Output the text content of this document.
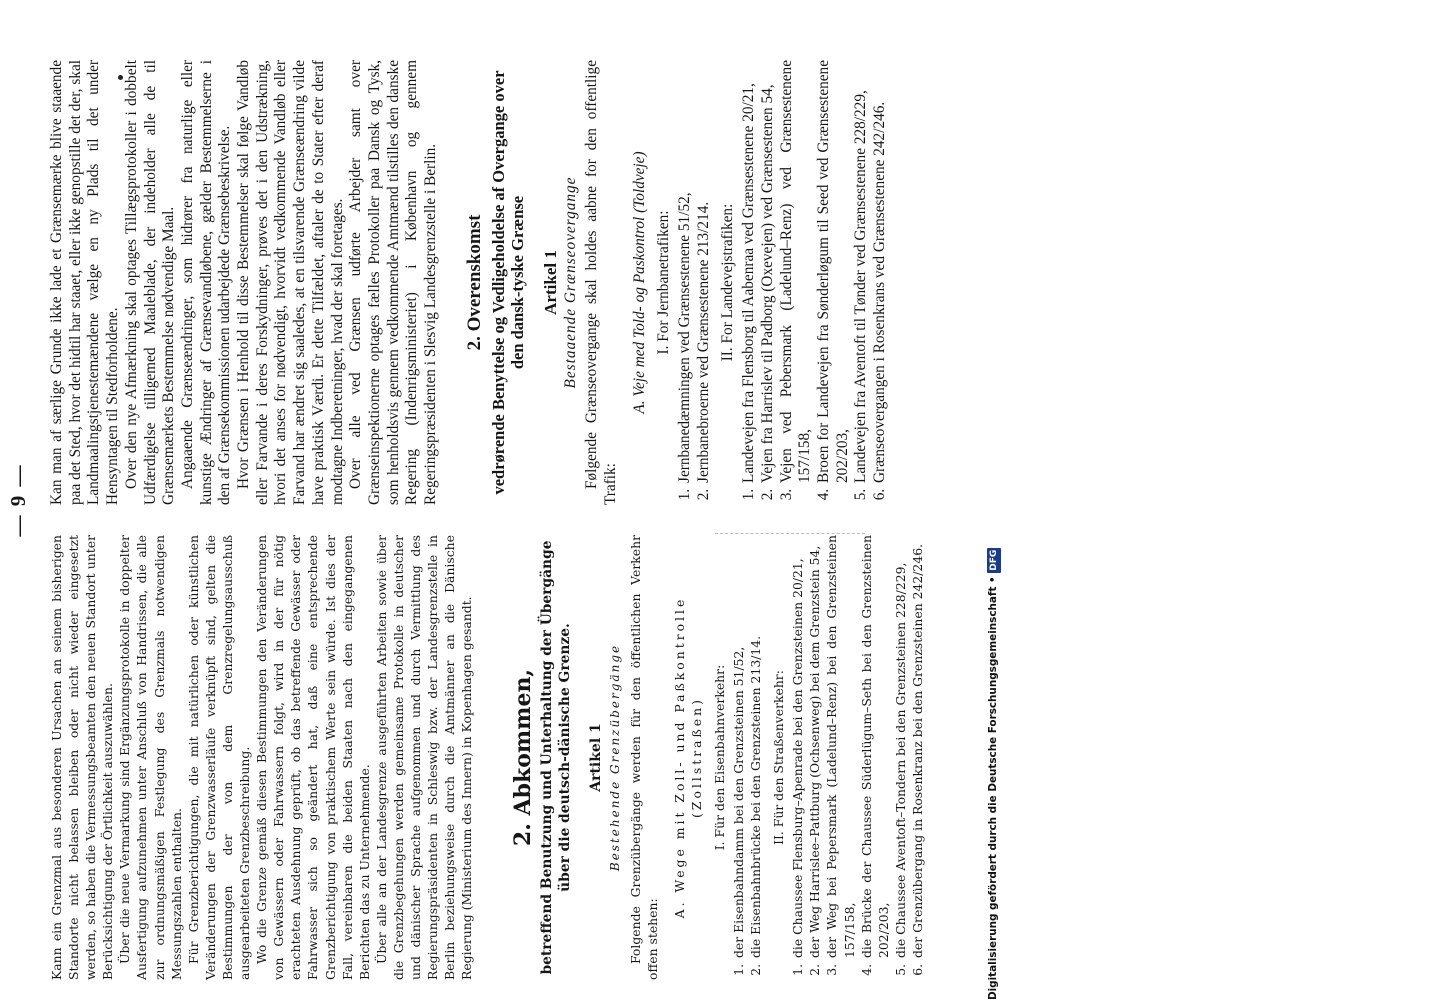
— 9 —

Kann ein Grenzmal aus besonderen Ursachen an seinem bisherigen Standorte nicht belassen bleiben oder nicht wieder eingesetzt werden, so haben die Vermessungsbeamten den neuen Standort unter Berücksichtigung der Örtlichkeit auszuwählen. Über die neue Vermarkung sind Ergänzungsprotokolle in doppelter Ausfertigung aufzunehmen unter Anschluß von Handrissen, die alle zur ordnungsmäßigen Festlegung des Grenzmals notwendigen Messungszahlen enthalten. Für Grenzberichtigungen, die mit natürlichen oder künstlichen Veränderungen der Grenzwasserläufe verknüpft sind, gelten die Bestimmungen der von dem Grenzregelungsausschuß ausgearbeiteten Grenzbeschreibung. Wo die Grenze gemäß diesen Bestimmungen den Veränderungen von Gewässern oder Fahrwassern folgt, wird in der für nötig erachteten Ausdehnung geprüft, ob das betreffende Gewässer oder Fahrwasser sich so geändert hat, daß eine entsprechende Grenzberichtigung von praktischem Werte sein würde. Ist dies der Fall, vereinbaren die beiden Staaten nach den eingegangenen Berichten das zu Unternehmende. Über alle an der Landesgrenze ausgeführten Arbeiten sowie über die Grenzbegehungen werden gemeinsame Protokolle in deutscher und dänischer Sprache aufgenommen und durch Vermittlung des Regierungspräsidenten in Schleswig bzw. der Landesgrenzstelle in Berlin beziehungsweise durch die Amtmänner an die Dänische Regierung (Ministerium des Innern) in Kopenhagen gesandt. 2. Abkommen, betreffend Benutzung und Unterhaltung der Übergänge über die deutsch-dänische Grenze. Artikel 1 Bestehende Grenzübergänge Folgende Grenzübergänge werden für den öffentlichen Verkehr offen stehen:

A. Wege mit Zoll- und Paßkontrolle (Zollstraßen) I. Für den Eisenbahnverkehr: 1. der Eisenbahndamm bei den Grenzsteinen 51/52, 2. die Eisenbahnbrücke bei den Grenzsteinen 213/14. II. Für den Straßenverkehr: 1. die Chaussee Flensburg–Apenrade bei den Grenzsteinen 20/21, 2. der Weg Harrislee–Pattburg (Ochsenweg) bei dem Grenzstein 54, 3. der Weg bei Pepersmark (Ladelund–Renz) bei den Grenzsteinen 157/158, 4. die Brücke der Chaussee Süderlügum–Seth bei den Grenzsteinen 202/203, 5. die Chaussee Aventoft–Tondern bei den Grenzsteinen 228/229, 6. der Grenzübergang in Rosenkranz bei den Grenzsteinen 242/246.

Kan man af særlige Grunde ikke lade et Grænsemærke blive staaende paa det Sted, hvor det hidtil har staaet, eller ikke genopstille det der, skal Landmaalingstjenestemændene vælge en ny Plads til det under Hensyntagen til Stedforholdene. Over den nye Afmærkning skal optages Tillægsprotokoller i dobbelt Udfærdigelse tilligemed Maaleblade, der indeholder alle de til Grænsemærkets Bestemmelse nødvendige Maal. Angaaende Grænseændringer, som hidrører fra naturlige eller kunstige Ændringer af Grænsevandløbene, gælder Bestemmelserne i den af Grænsekommissionen udarbejdede Grænsebeskrivelse. Hvor Grænsen i Henhold til disse Bestemmelser skal følge Vandløb eller Farvande i deres Forskydninger, prøves det i den Udstrækning, hvori det anses for nødvendigt, hvorvidt vedkommende Vandløb eller Farvand har ændret sig saaledes, at en tilsvarende Grænseændring vilde have praktisk Værdi. Er dette Tilfældet, aftaler de to Stater efter deraf modtagne Indberetninger, hvad der skal foretages. Over alle ved Grænsen udførte Arbejder samt over Grænseinspektionerne optages fælles Protokoller paa Dansk og Tysk, som henholdsvis gennem vedkommende Amtmænd tilstilles den danske Regering (Indenrigsministeriet) i København og gennem Regeringspræsidenten i Slesvig Landesgrenzstelle i Berlin. 2. Overenskomst vedrørende Benyttelse og Vedligeholdelse af Overgange over den dansk-tyske Grænse Artikel 1 Bestaaende Grænseovergange Følgende Grænseovergange skal holdes aabne for den offentlige Trafik:

A. Veje med Told- og Paskontrol (Toldveje) I. For Jernbanetrafiken: 1. Jernbanedæmningen ved Grænsestenene 51/52, 2. Jernbanebroerne ved Grænsestenene 213/214. II. For Landevejstrafiken: 1. Landevejen fra Flensborg til Aabenraa ved Grænsestenene 20/21, 2. Vejen fra Harrislev til Padborg (Oxevejen) ved Grænsestenen 54, 3. Vejen ved Pebersmark (Ladelund–Renz) ved Grænsestenene 157/158, 4. Broen for Landevejen fra Sønderløgum til Seed ved Grænsestenene 202/203, 5. Landevejen fra Aventoft til Tønder ved Grænsestenene 228/229, 6. Grænseovergangen i Rosenkrans ved Grænsestenene 242/246.
Digitalisierung gefördert durch die Deutsche Forschungsgemeinschaft • DFG
